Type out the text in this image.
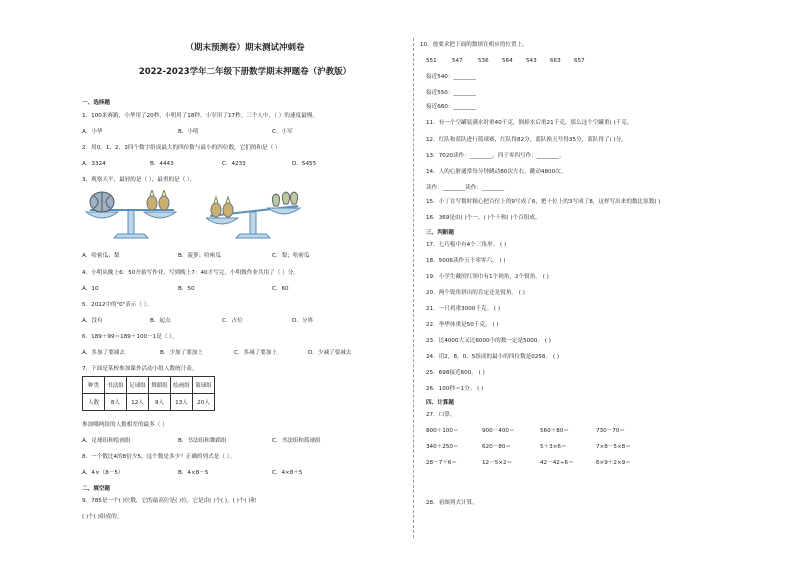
（期末预测卷）期末测试冲刺卷
2022-2023学年二年级下册数学期末押题卷（沪教版）
一、选择题
1．100米赛跑，小华用了20秒，小明用了18秒，小军用了17秒。三个人中，（ ）的速度最慢。
A．小华	B．小明	C．小军
2．用0、1、2、3四个数字组成最大的四位数与最小的四位数，它们的和是（ ）
A．3324	B．4443	C．4233	D．5455
3．观察天平，最轻的是（ ），最重的是（ ）。
A．哈密瓜；梨	B．菠萝；哈密瓜	C．梨；哈密瓜
4．小明从晚上6：50开始写作业，写到晚上7：40才写完，小明做作业共用了（ ）分。
A．10	B．50	C．60
5．2012中的"0"表示（ ）。
A．没有	B．起点	C．占位	D．分界
6．189＋99＝189＋100－1是（ ）。
A．多加了要减去	B．少加了要加上	C．多减了要加上	D．少减了要减去
7．下面是某校参加课外活动小组人数统计表。
种类	书法组	足球组	舞蹈组	绘画组	篮球组
人数	8人	12人	9人	13人	20人
参加哪两组的人数相差的最多（ ）
A．足球组和绘画组	B．书法组和舞蹈组	C．书法组和篮球组
8．一个数比4的8倍少5，这个数是多少？正确的列式是（ ）。
A．4×（8－5）	B．4×8－5	C．4×8＋5
二、填空题
9．785是一个( )位数，它的最高位是( )位，它是由( )个( )，( )个( )和
( )个( )组成的。
10．按要求把下面的数填在相应的位置上。
551	547	536 564 543 663 657
接近540：________
接近550：________
接近660：________
11．有一个空罐装满水时重40千克，倒掉水后重21千克，那么这个空罐重( )千克。
12．红队和蓝队进行篮球赛，红队得82分，蓝队换五号得35分，蓝队得了( )分。
13．7020读作：________，四千零四写作：________。
14．人的心脏通常每分钟跳动80次左右，跳动4800次。
读作：________读作：________
15．小丁在写数时粗心把百位上的9写成了6，把十位上的3写成了8，这样写出来的数比原数( )
16．369是由( )个一，( )个十和( )个百组成。
三、判断题
17．七巧板中有4个三角形。 ( )
18．5006读作五千零零六。 ( )
19．小学生戴的红领巾有1个钝角，2个锐角。 ( )
20．两个锐角拼出的肯定还是锐角。 ( )
21．一只鸡重3000千克。 ( )
22．李华体重是50千克。 ( )
23．比4000大又比6000小的数一定是5000。 ( )
24．用2，8，0，5组成的最小的四位数是0258。 ( )
25．698接近600。 ( )
26．100秒＝1分。 ( )
四、计算题
27．口算。
800＋100＝	900－400＝	560＋80＝	730－70＝
340＋250＝	620－80＝	5＋3×6＝	7×8－5×8＝
28－7＋6＝	12－5×2＝	42－42÷6＝	6×9＋2×9＝
28．看图列式计算。
